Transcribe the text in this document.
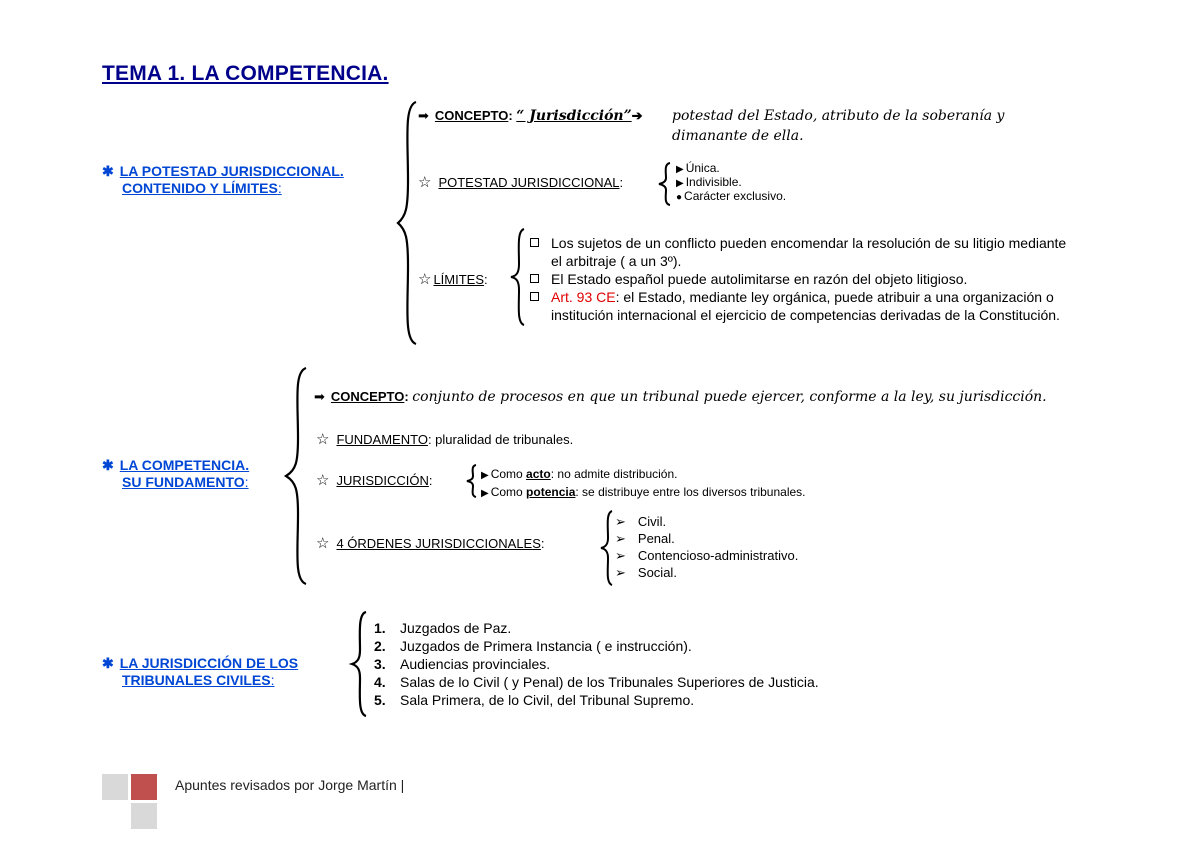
TEMA 1. LA COMPETENCIA.
✱ LA POTESTAD JURISDICCIONAL.
CONTENIDO Y LÍMITES:
➡ CONCEPTO: “ Jurisdicción”➔ potestad del Estado, atributo de la soberanía y
dimanante de ella.
☆ POTESTAD JURISDICCIONAL:
▶ Única.
▶ Indivisible.
● Carácter exclusivo.
☆ LÍMITES:
Los sujetos de un conflicto pueden encomendar la resolución de su litigio mediante
el arbitraje ( a un 3º).
El Estado español puede autolimitarse en razón del objeto litigioso.
Art. 93 CE: el Estado, mediante ley orgánica, puede atribuir a una organización o
institución internacional el ejercicio de competencias derivadas de la Constitución.
✱ LA COMPETENCIA.
SU FUNDAMENTO:
➡ CONCEPTO: conjunto de procesos en que un tribunal puede ejercer, conforme a la ley, su jurisdicción.
☆ FUNDAMENTO: pluralidad de tribunales.
☆ JURISDICCIÓN:	▶ Como acto: no admite distribución.
▶ Como potencia: se distribuye entre los diversos tribunales.
☆ 4 ÓRDENES JURISDICCIONALES:
➢ Civil.
➢ Penal.
➢ Contencioso-administrativo.
➢ Social.
✱ LA JURISDICCIÓN DE LOS
TRIBUNALES CIVILES:
1. Juzgados de Paz.
2. Juzgados de Primera Instancia ( e instrucción).
3. Audiencias provinciales.
4. Salas de lo Civil ( y Penal) de los Tribunales Superiores de Justicia.
5. Sala Primera, de lo Civil, del Tribunal Supremo.
Apuntes revisados por Jorge Martín |
